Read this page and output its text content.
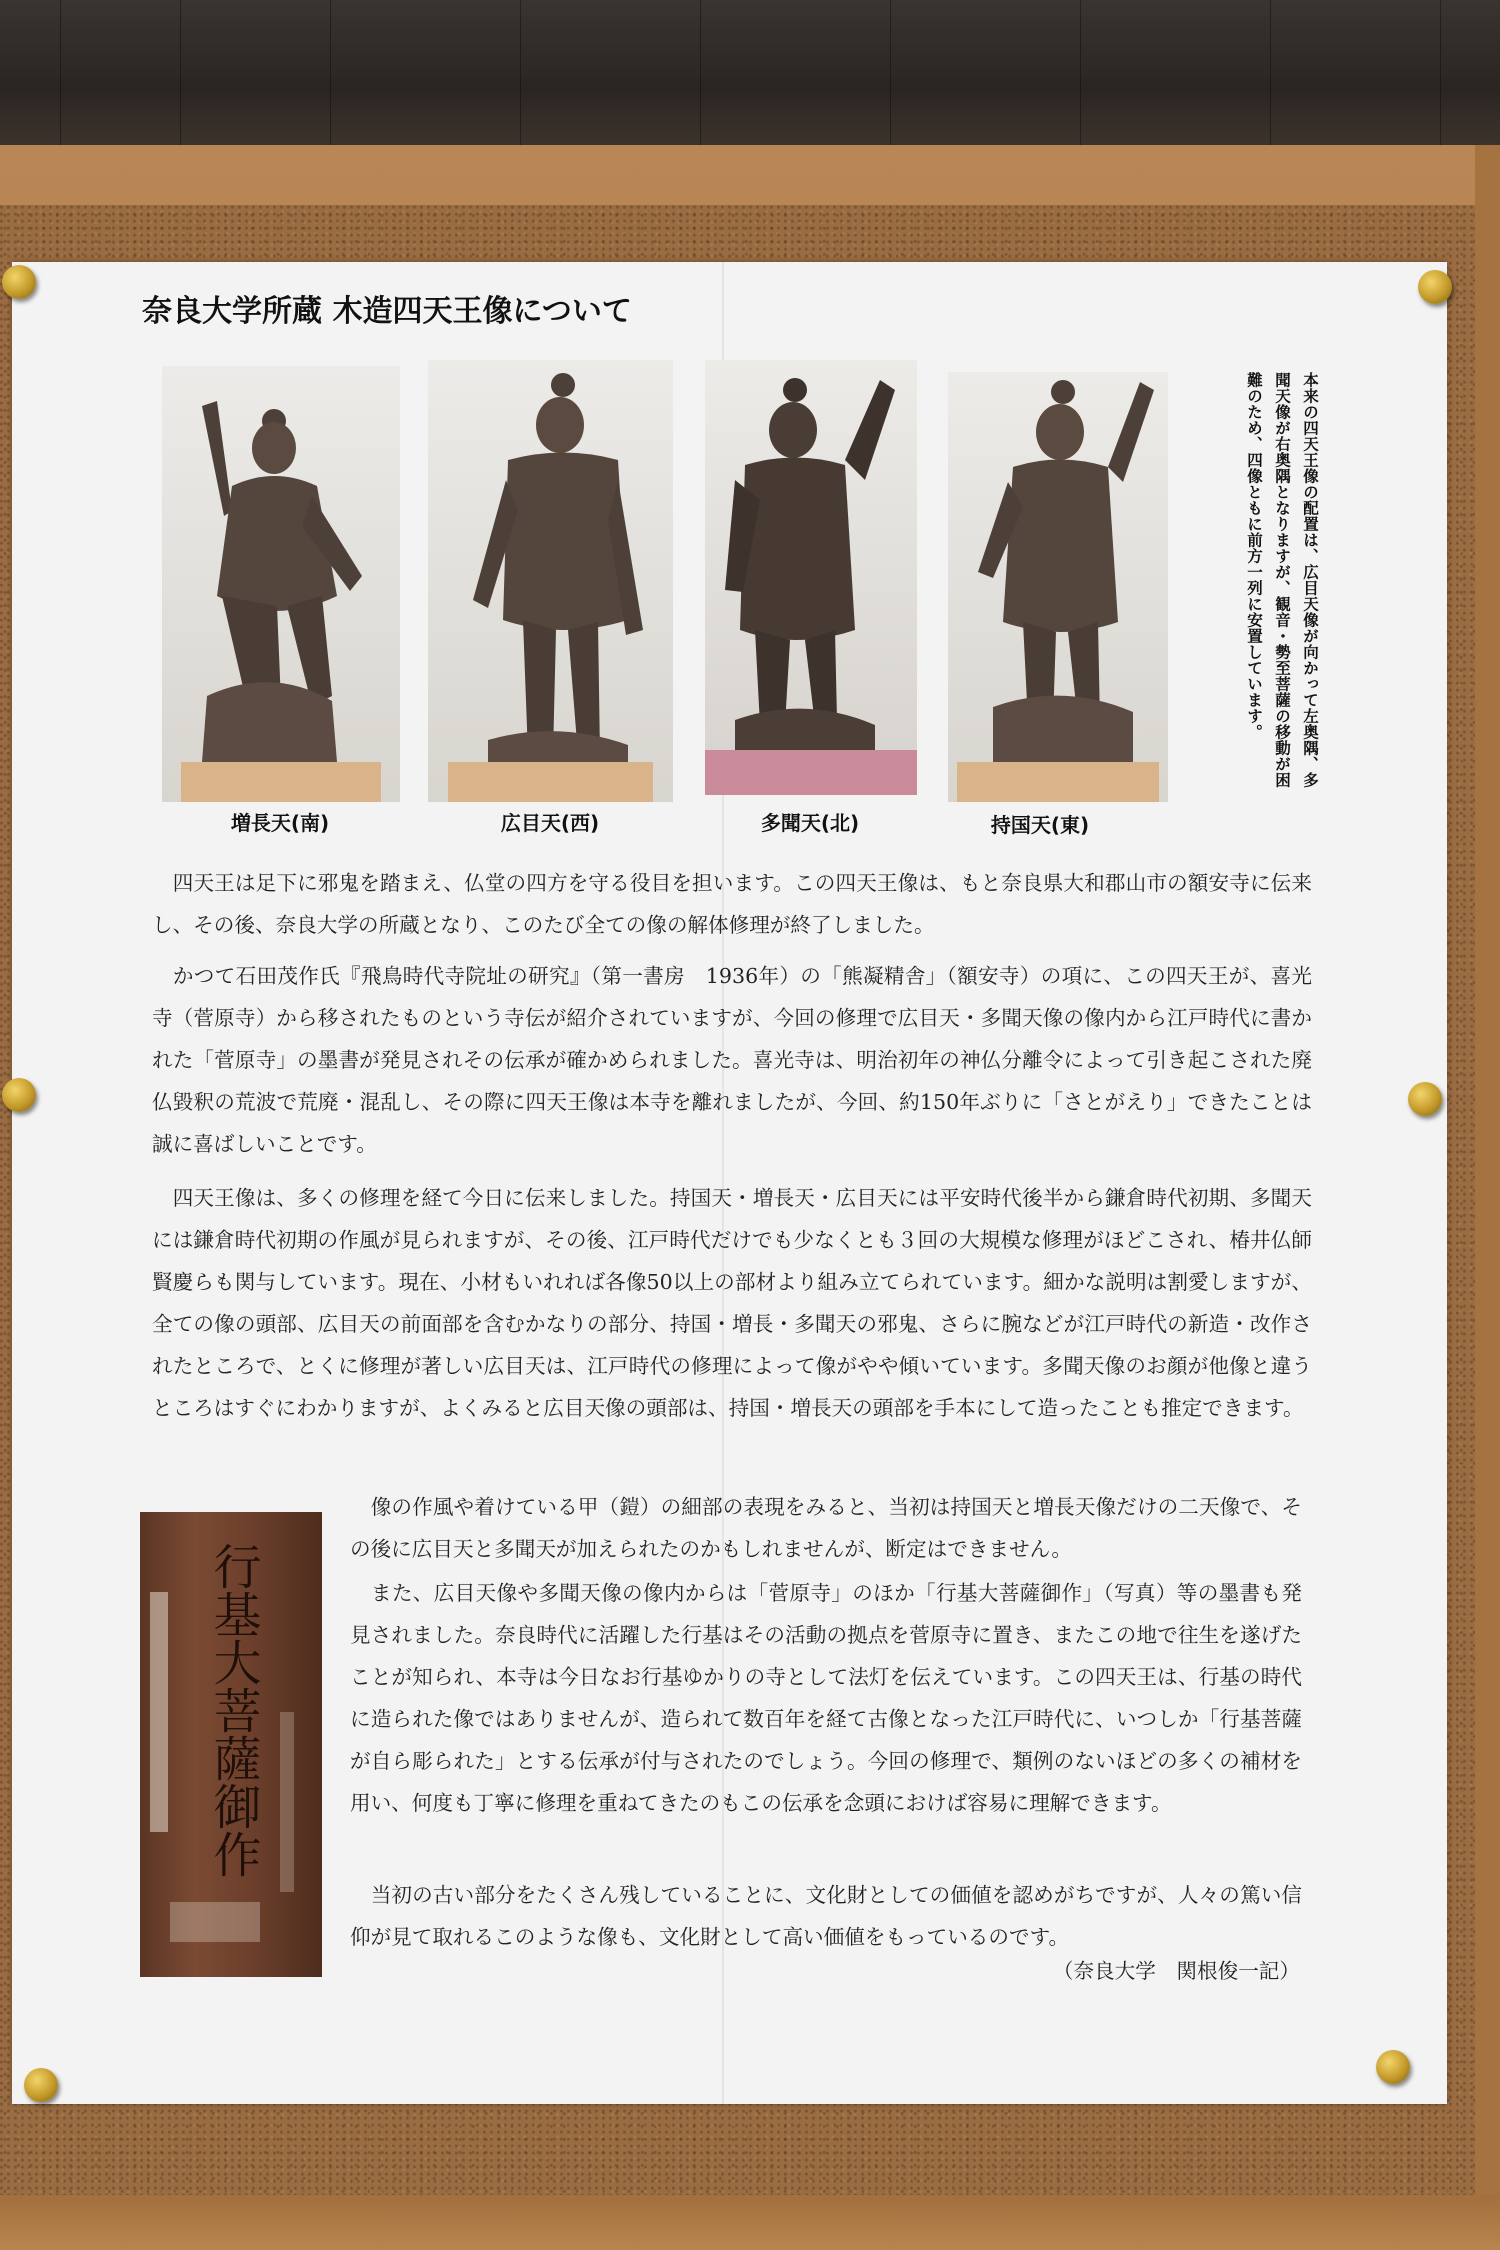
奈良大学所蔵 木造四天王像について
増長天(南)	広目天(西)	多聞天(北)	持国天(東)
本来の四天王像の配置は、広目天像が向かって左奥隅、多聞天像が右奥隅となりますが、観音・勢至菩薩の移動が困難のため、四像ともに前方一列に安置しています。
　四天王は足下に邪鬼を踏まえ、仏堂の四方を守る役目を担います。この四天王像は、もと奈良県大和郡山市の額安寺に伝来し、その後、奈良大学の所蔵となり、このたび全ての像の解体修理が終了しました。
　かつて石田茂作氏『飛鳥時代寺院址の研究』（第一書房　1936年）の「熊凝精舎」（額安寺）の項に、この四天王が、喜光寺（菅原寺）から移されたものという寺伝が紹介されていますが、今回の修理で広目天・多聞天像の像内から江戸時代に書かれた「菅原寺」の墨書が発見されその伝承が確かめられました。喜光寺は、明治初年の神仏分離令によって引き起こされた廃仏毀釈の荒波で荒廃・混乱し、その際に四天王像は本寺を離れましたが、今回、約150年ぶりに「さとがえり」できたことは誠に喜ばしいことです。
　四天王像は、多くの修理を経て今日に伝来しました。持国天・増長天・広目天には平安時代後半から鎌倉時代初期、多聞天には鎌倉時代初期の作風が見られますが、その後、江戸時代だけでも少なくとも３回の大規模な修理がほどこされ、椿井仏師賢慶らも関与しています。現在、小材もいれれば各像50以上の部材より組み立てられています。細かな説明は割愛しますが、全ての像の頭部、広目天の前面部を含むかなりの部分、持国・増長・多聞天の邪鬼、さらに腕などが江戸時代の新造・改作されたところで、とくに修理が著しい広目天は、江戸時代の修理によって像がやや傾いています。多聞天像のお顔が他像と違うところはすぐにわかりますが、よくみると広目天像の頭部は、持国・増長天の頭部を手本にして造ったことも推定できます。
行基大菩薩御作
　像の作風や着けている甲（鎧）の細部の表現をみると、当初は持国天と増長天像だけの二天像で、その後に広目天と多聞天が加えられたのかもしれませんが、断定はできません。
　また、広目天像や多聞天像の像内からは「菅原寺」のほか「行基大菩薩御作」（写真）等の墨書も発見されました。奈良時代に活躍した行基はその活動の拠点を菅原寺に置き、またこの地で往生を遂げたことが知られ、本寺は今日なお行基ゆかりの寺として法灯を伝えています。この四天王は、行基の時代に造られた像ではありませんが、造られて数百年を経て古像となった江戸時代に、いつしか「行基菩薩が自ら彫られた」とする伝承が付与されたのでしょう。今回の修理で、類例のないほどの多くの補材を用い、何度も丁寧に修理を重ねてきたのもこの伝承を念頭におけば容易に理解できます。
　当初の古い部分をたくさん残していることに、文化財としての価値を認めがちですが、人々の篤い信仰が見て取れるこのような像も、文化財として高い価値をもっているのです。
（奈良大学　関根俊一記）
